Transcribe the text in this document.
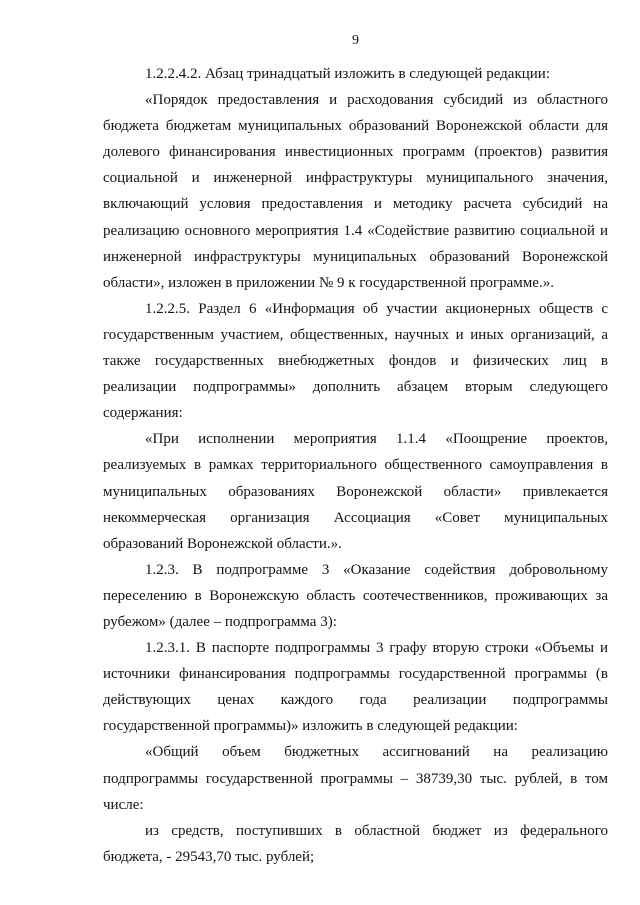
9
1.2.2.4.2. Абзац тринадцатый изложить в следующей редакции:
«Порядок предоставления и расходования субсидий из областного
бюджета бюджетам муниципальных образований Воронежской области для
долевого финансирования инвестиционных программ (проектов) развития
социальной и инженерной инфраструктуры муниципального значения,
включающий условия предоставления и методику расчета субсидий на
реализацию основного мероприятия 1.4 «Содействие развитию социальной и
инженерной инфраструктуры муниципальных образований Воронежской
области», изложен в приложении № 9 к государственной программе.».
1.2.2.5. Раздел 6 «Информация об участии акционерных обществ с
государственным участием, общественных, научных и иных организаций, а
также государственных внебюджетных фондов и физических лиц в
реализации подпрограммы» дополнить абзацем вторым следующего
содержания:
«При исполнении мероприятия 1.1.4 «Поощрение проектов,
реализуемых в рамках территориального общественного самоуправления в
муниципальных образованиях Воронежской области» привлекается
некоммерческая организация Ассоциация «Совет муниципальных
образований Воронежской области.».
1.2.3. В подпрограмме 3 «Оказание содействия добровольному
переселению в Воронежскую область соотечественников, проживающих за
рубежом» (далее – подпрограмма 3):
1.2.3.1. В паспорте подпрограммы 3 графу вторую строки «Объемы и
источники финансирования подпрограммы государственной программы (в
действующих ценах каждого года реализации подпрограммы
государственной программы)» изложить в следующей редакции:
«Общий объем бюджетных ассигнований на реализацию
подпрограммы государственной программы – 38739,30 тыс. рублей, в том
числе:
из средств, поступивших в областной бюджет из федерального
бюджета, - 29543,70 тыс. рублей;
